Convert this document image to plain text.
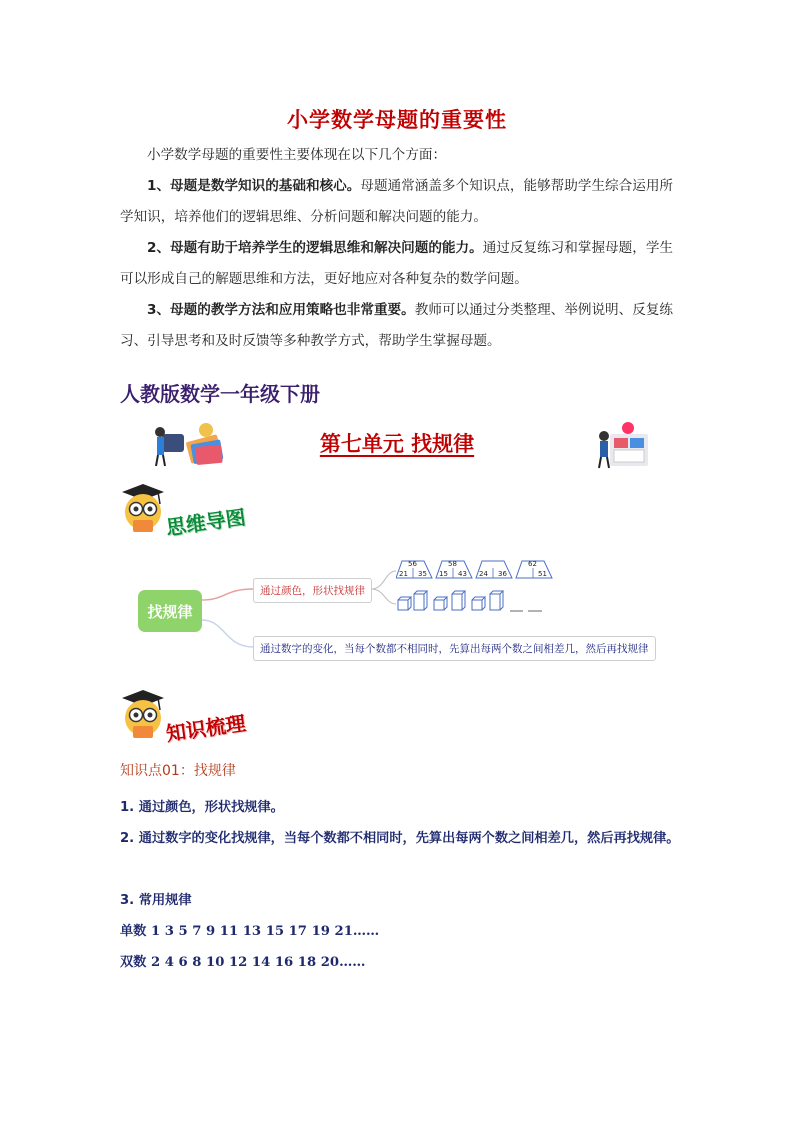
小学数学母题的重要性
小学数学母题的重要性主要体现在以下几个方面：
1、母题是数学知识的基础和核心。母题通常涵盖多个知识点，能够帮助学生综合运用所学知识，培养他们的逻辑思维、分析问题和解决问题的能力。
2、母题有助于培养学生的逻辑思维和解决问题的能力。通过反复练习和掌握母题，学生可以形成自己的解题思维和方法，更好地应对各种复杂的数学问题。
3、母题的教学方法和应用策略也非常重要。教师可以通过分类整理、举例说明、反复练习、引导思考和及时反馈等多种教学方式，帮助学生掌握母题。
人教版数学一年级下册
第七单元 找规律
思维导图
找规律
通过颜色，形状找规律
通过数字的变化，当每个数都不相同时，先算出每两个数之间相差几，然后再找规律
56
21 35
58
15 43 24 36
62
51
知识梳理
知识点01：找规律
1. 通过颜色，形状找规律。
2. 通过数字的变化找规律，当每个数都不相同时，先算出每两个数之间相差几，然后再找规律。
3. 常用规律
单数 1 3 5 7 9 11 13 15 17 19 21……
双数 2 4 6 8 10 12 14 16 18 20……
